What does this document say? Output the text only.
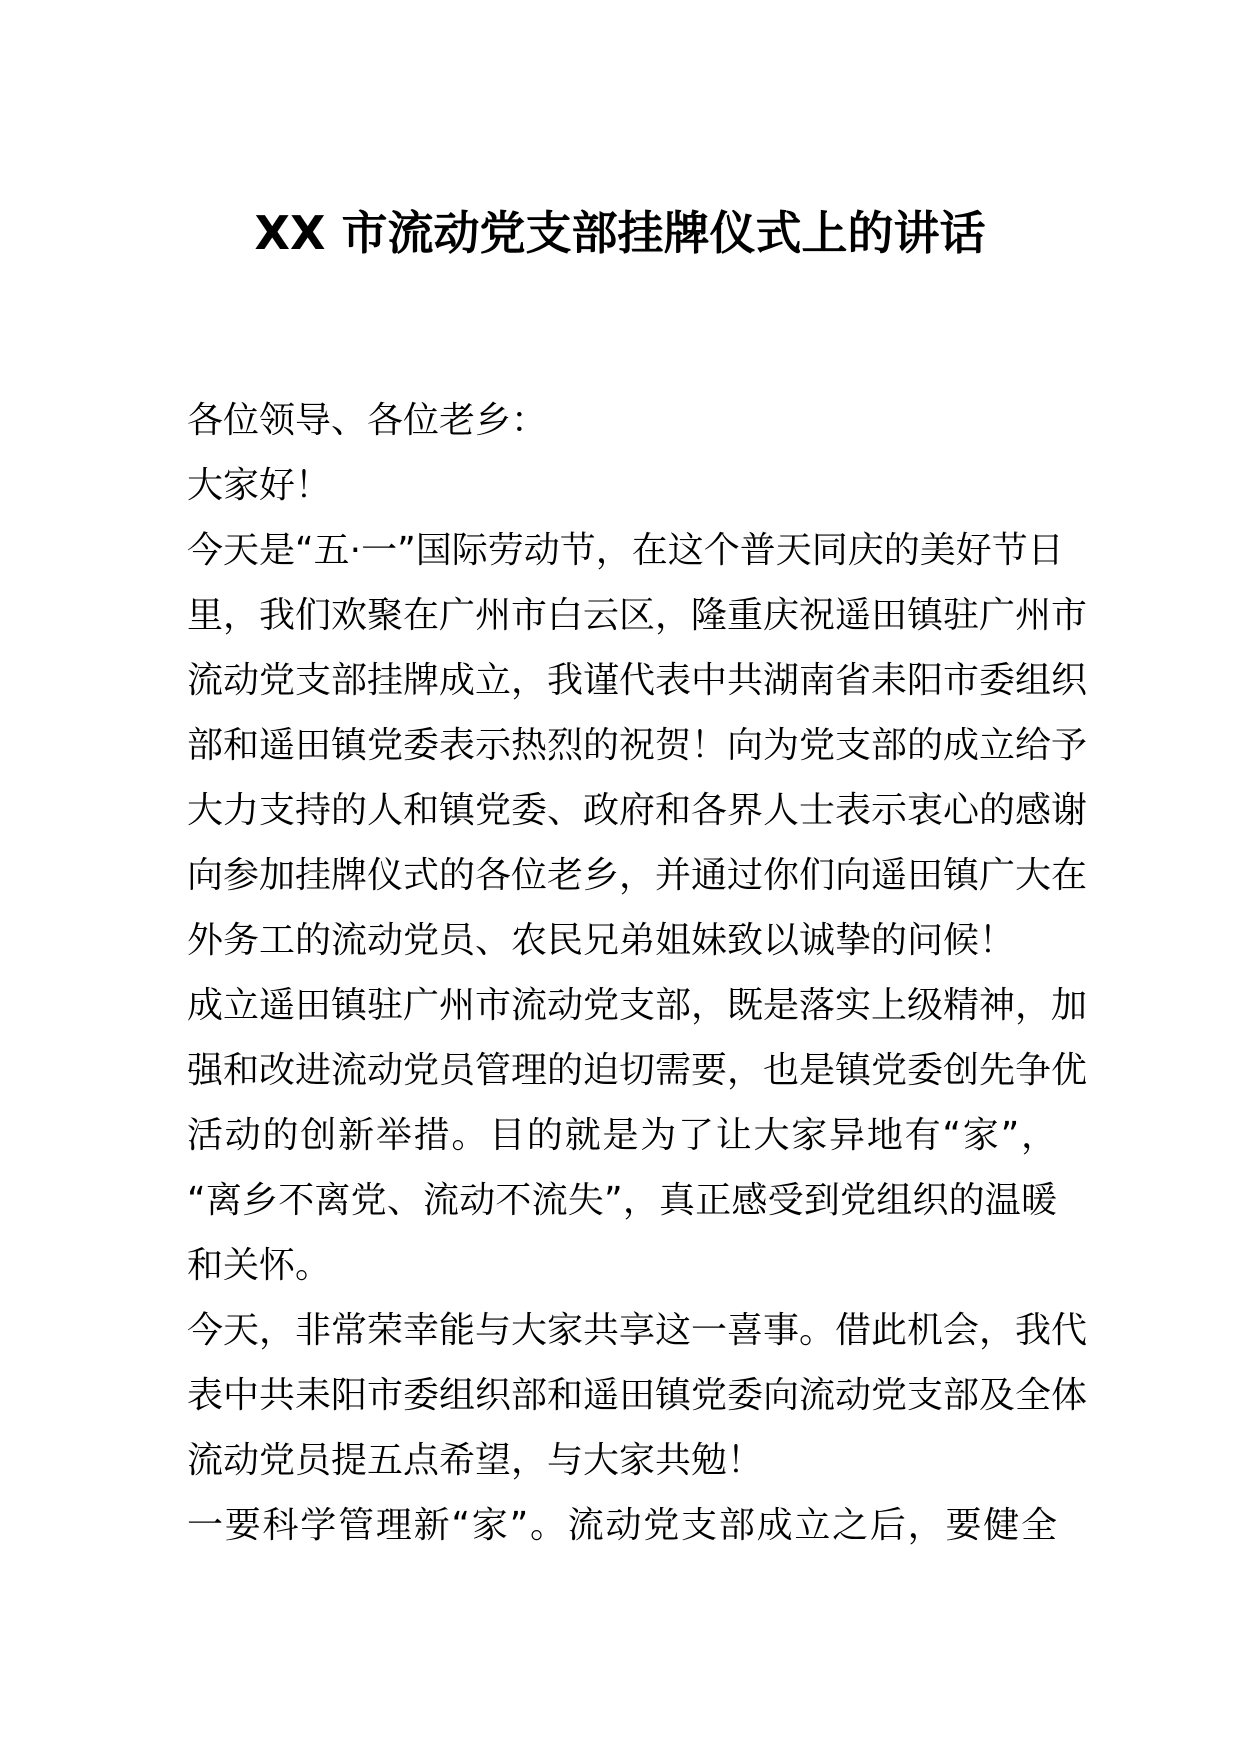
XX 市流动党支部挂牌仪式上的讲话
各位领导、各位老乡：
大家好！
今天是“五·一”国际劳动节，在这个普天同庆的美好节日
里，我们欢聚在广州市白云区，隆重庆祝遥田镇驻广州市
流动党支部挂牌成立，我谨代表中共湖南省耒阳市委组织
部和遥田镇党委表示热烈的祝贺！向为党支部的成立给予
大力支持的人和镇党委、政府和各界人士表示衷心的感谢
向参加挂牌仪式的各位老乡，并通过你们向遥田镇广大在
外务工的流动党员、农民兄弟姐妹致以诚挚的问候！
成立遥田镇驻广州市流动党支部，既是落实上级精神，加
强和改进流动党员管理的迫切需要，也是镇党委创先争优
活动的创新举措。目的就是为了让大家异地有“家”，
“离乡不离党、流动不流失”，真正感受到党组织的温暖
和关怀。
今天，非常荣幸能与大家共享这一喜事。借此机会，我代
表中共耒阳市委组织部和遥田镇党委向流动党支部及全体
流动党员提五点希望，与大家共勉！
一要科学管理新“家”。流动党支部成立之后，要健全
